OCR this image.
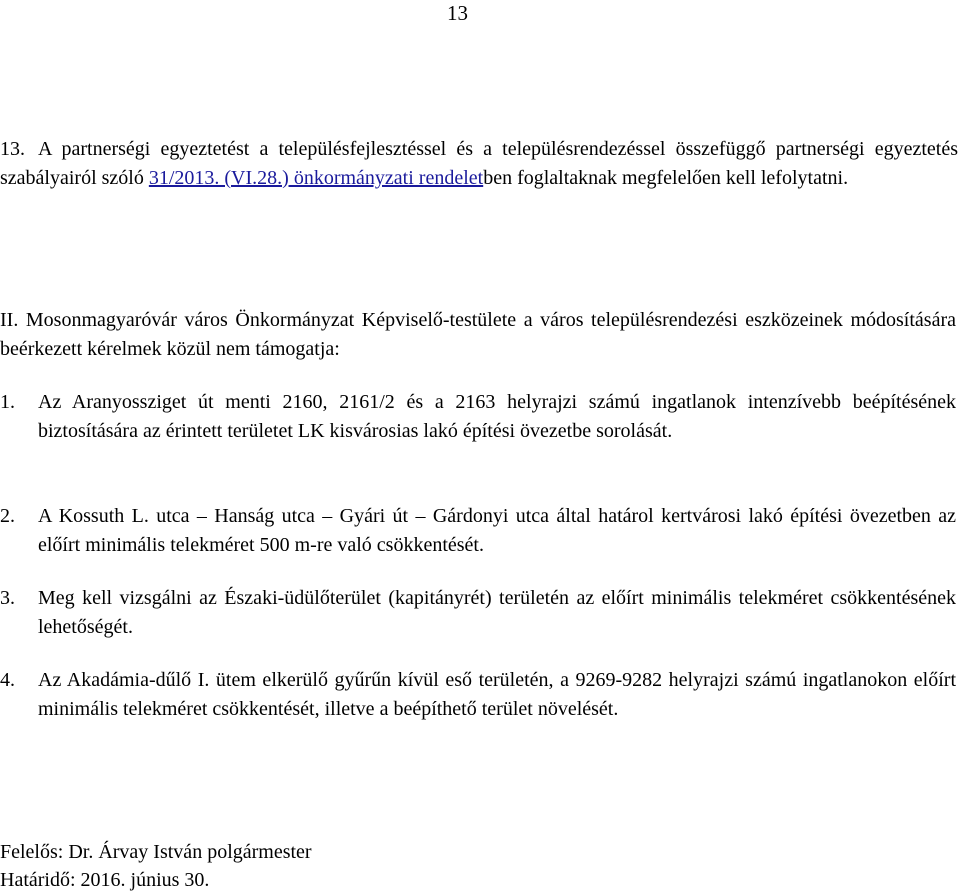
13

13. A partnerségi egyeztetést a településfejlesztéssel és a településrendezéssel összefüggő partnerségi egyeztetés szabályairól szóló 31/2013. (VI.28.) önkormányzati rendeletben foglaltaknak megfelelően kell lefolytatni.

II. Mosonmagyaróvár város Önkormányzat Képviselő-testülete a város településrendezési eszközeinek módosítására beérkezett kérelmek közül nem támogatja:

1.	Az Aranyossziget út menti 2160, 2161/2 és a 2163 helyrajzi számú ingatlanok intenzívebb beépítésének biztosítására az érintett területet LK kisvárosias lakó építési övezetbe sorolását.
2.	A Kossuth L. utca – Hanság utca – Gyári út – Gárdonyi utca által határol kertvárosi lakó építési övezetben az előírt minimális telekméret 500 m-re való csökkentését.
3.	Meg kell vizsgálni az Északi-üdülőterület (kapitányrét) területén az előírt minimális telekméret csökkentésének lehetőségét.
4.	Az Akadámia-dűlő I. ütem elkerülő gyűrűn kívül eső területén, a 9269-9282 helyrajzi számú ingatlanokon előírt minimális telekméret csökkentését, illetve a beépíthető terület növelését.
Felelős: Dr. Árvay István polgármester
Határidő: 2016. június 30.
